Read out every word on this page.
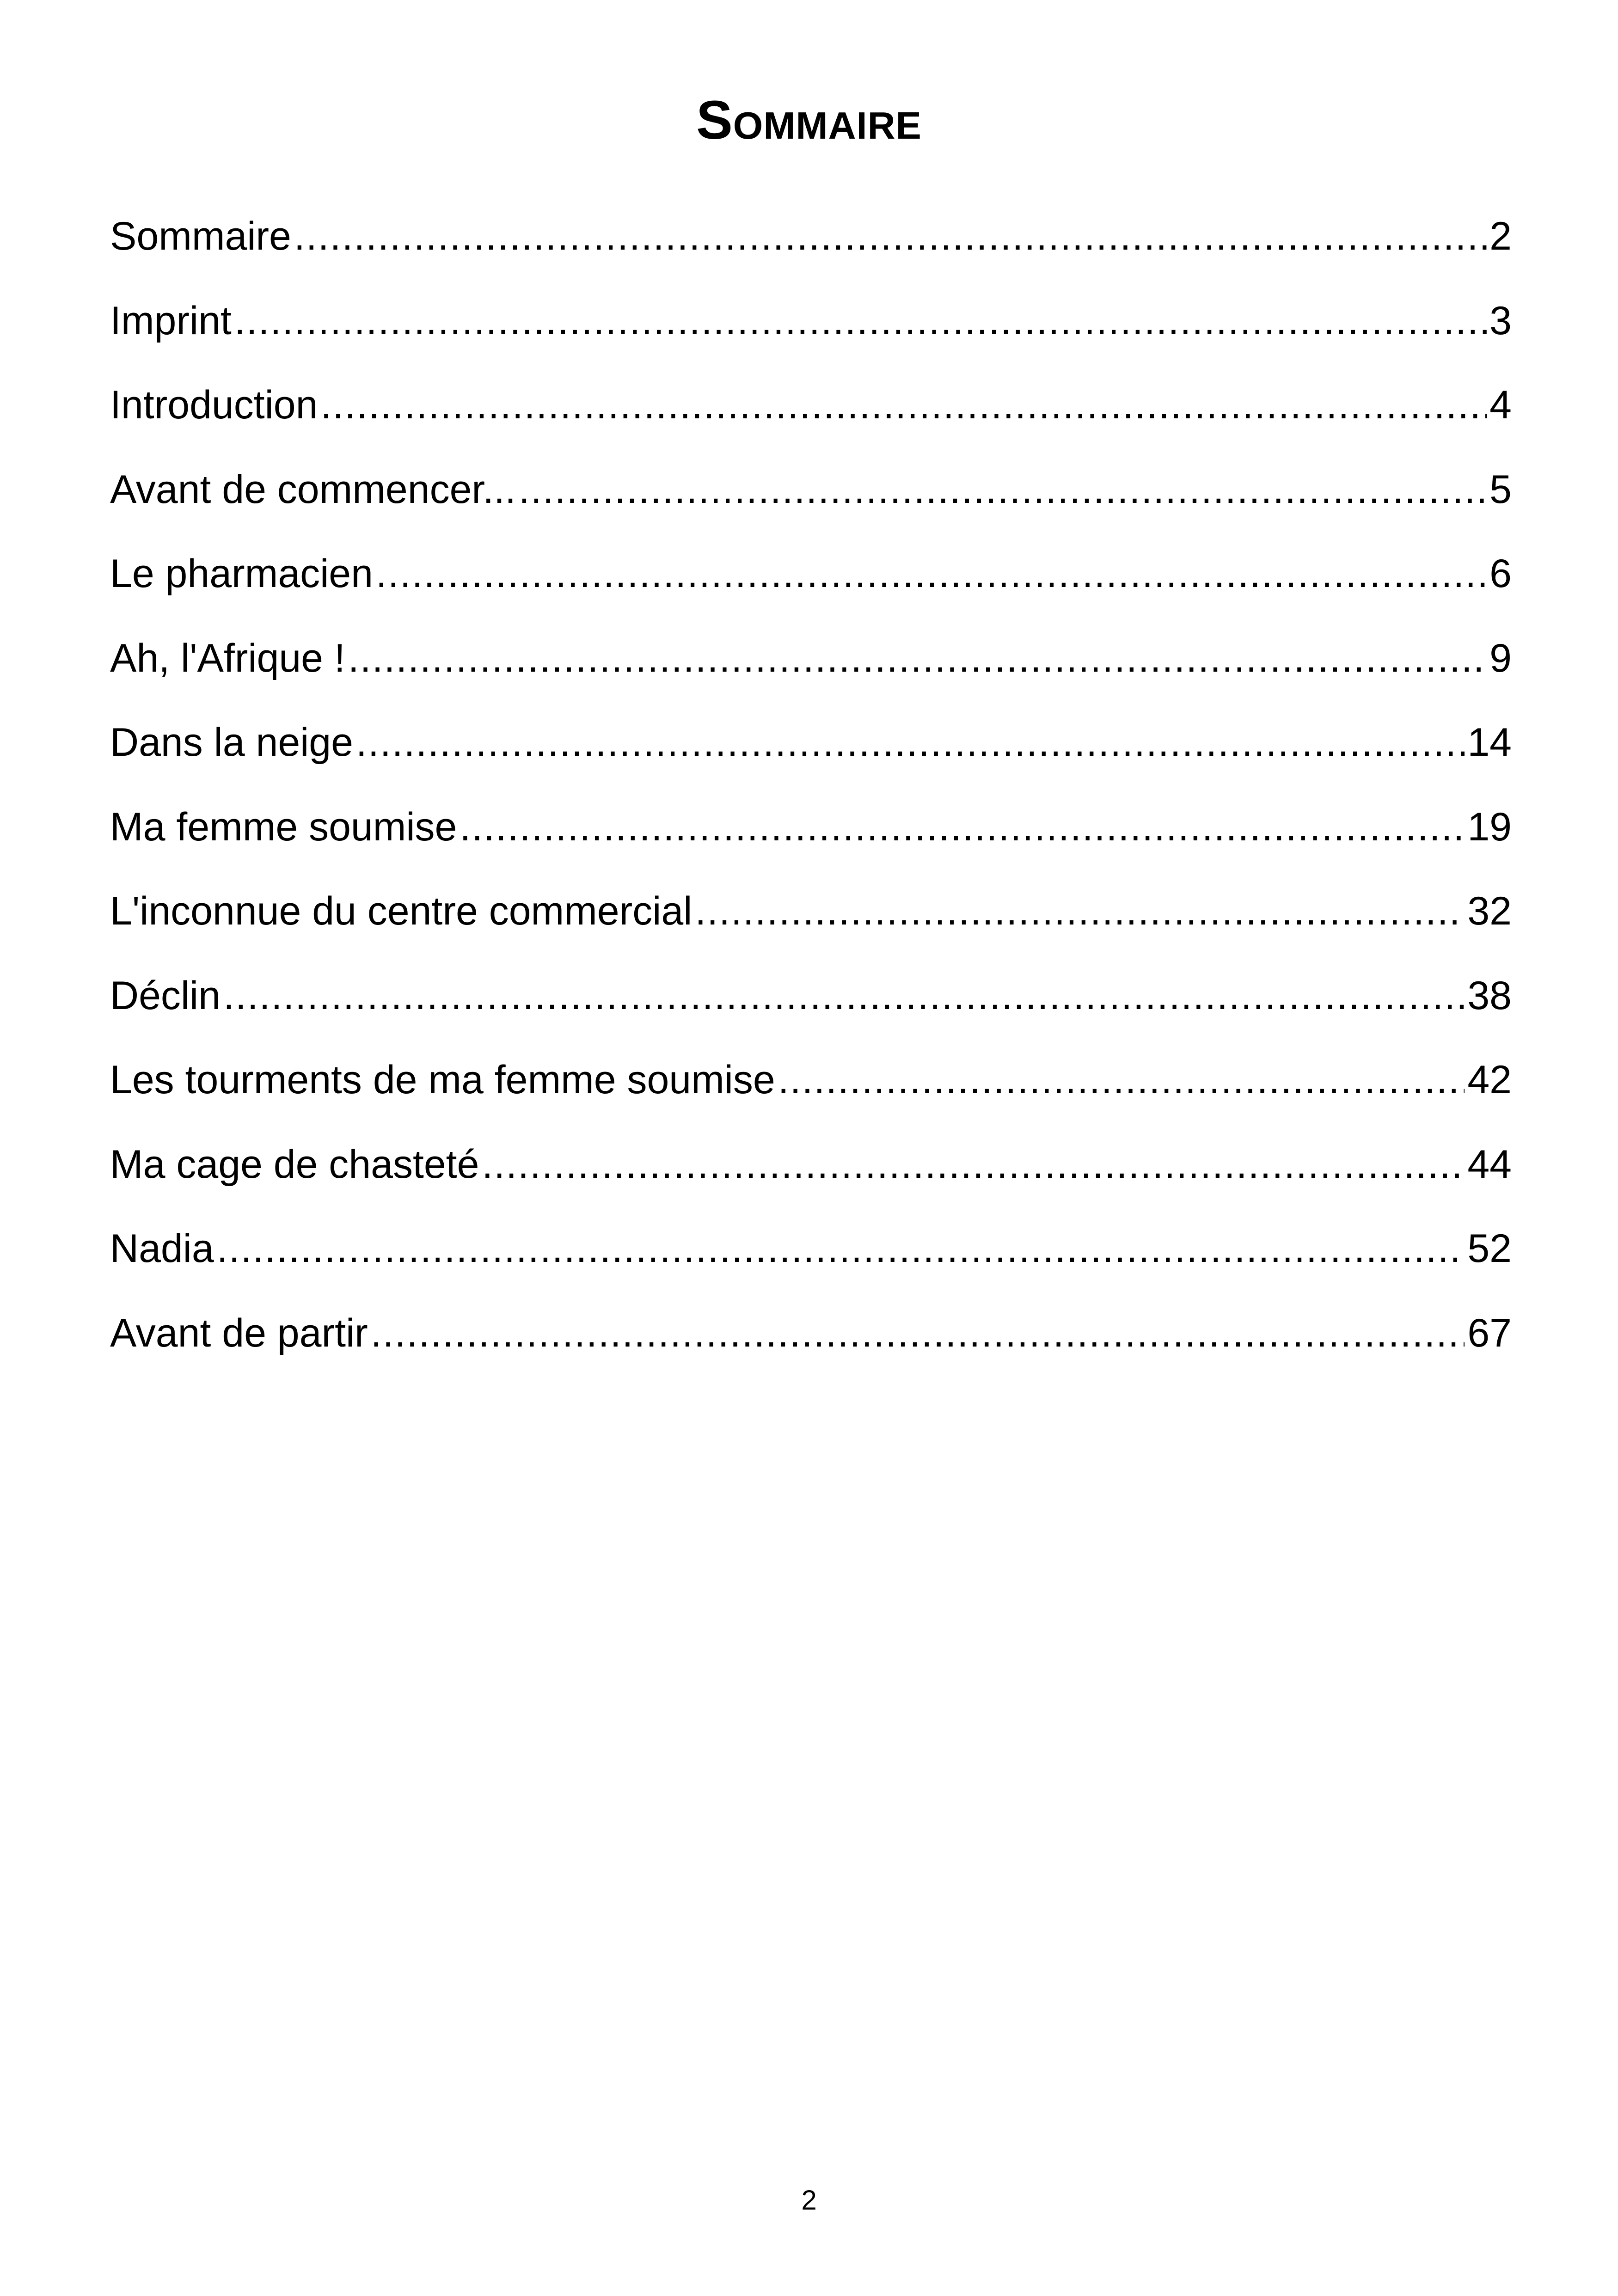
Sommaire
Sommaire .....	2
Imprint .....	3
Introduction .....	4
Avant de commencer... .....	5
Le pharmacien .....	6
Ah, l'Afrique ! .....	9
Dans la neige .....	14
Ma femme soumise .....	19
L'inconnue du centre commercial .....	32
Déclin .....	38
Les tourments de ma femme soumise .....	42
Ma cage de chasteté .....	44
Nadia .....	52
Avant de partir .....	67
2
